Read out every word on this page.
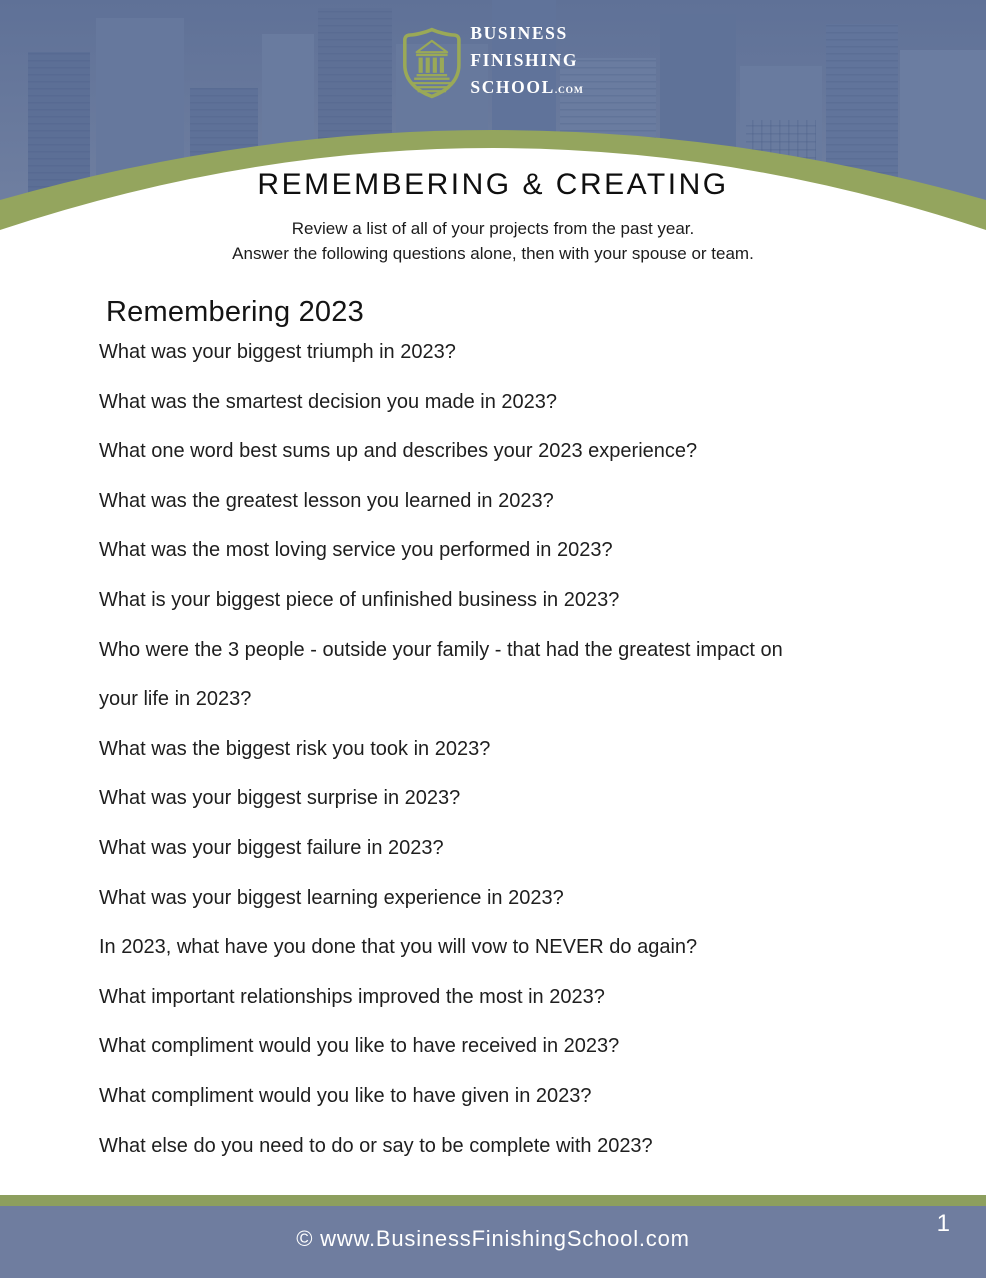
BUSINESS
FINISHING
SCHOOL.COM
REMEMBERING & CREATING

Review a list of all of your projects from the past year.
Answer the following questions alone, then with your spouse or team.

Remembering 2023

What was your biggest triumph in 2023?

What was the smartest decision you made in 2023?

What one word best sums up and describes your 2023 experience?

What was the greatest lesson you learned in 2023?

What was the most loving service you performed in 2023?

What is your biggest piece of unfinished business in 2023?

Who were the 3 people - outside your family - that had the greatest impact on your life in 2023?

What was the biggest risk you took in 2023?

What was your biggest surprise in 2023?

What was your biggest failure in 2023?

What was your biggest learning experience in 2023?

In 2023, what have you done that you will vow to NEVER do again?

What important relationships improved the most in 2023?

What compliment would you like to have received in 2023?

What compliment would you like to have given in 2023?

What else do you need to do or say to be complete with 2023?

© www.BusinessFinishingSchool.com
1
